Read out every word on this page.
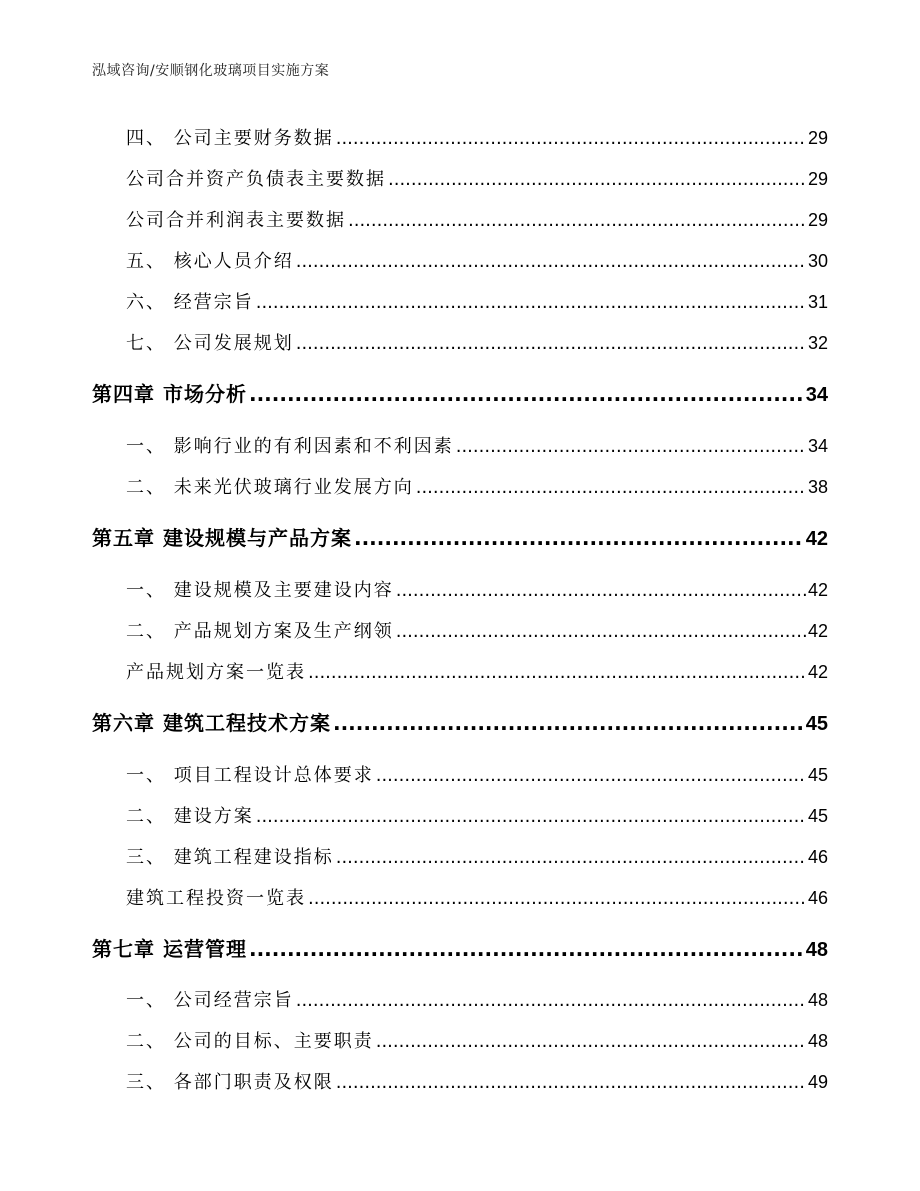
泓域咨询/安顺钢化玻璃项目实施方案
四、 公司主要财务数据 .....	29
公司合并资产负债表主要数据 .....	29
公司合并利润表主要数据 .....	29
五、 核心人员介绍 .....	30
六、 经营宗旨 .....	31
七、 公司发展规划 .....	32
第四章 市场分析 .....	34
一、 影响行业的有利因素和不利因素 .....	34
二、 未来光伏玻璃行业发展方向 .....	38
第五章 建设规模与产品方案 .....	42
一、 建设规模及主要建设内容 .....	42
二、 产品规划方案及生产纲领 .....	42
产品规划方案一览表 .....	42
第六章 建筑工程技术方案 .....	45
一、 项目工程设计总体要求 .....	45
二、 建设方案 .....	45
三、 建筑工程建设指标 .....	46
建筑工程投资一览表 .....	46
第七章 运营管理 .....	48
一、 公司经营宗旨 .....	48
二、 公司的目标、主要职责 .....	48
三、 各部门职责及权限 .....	49
